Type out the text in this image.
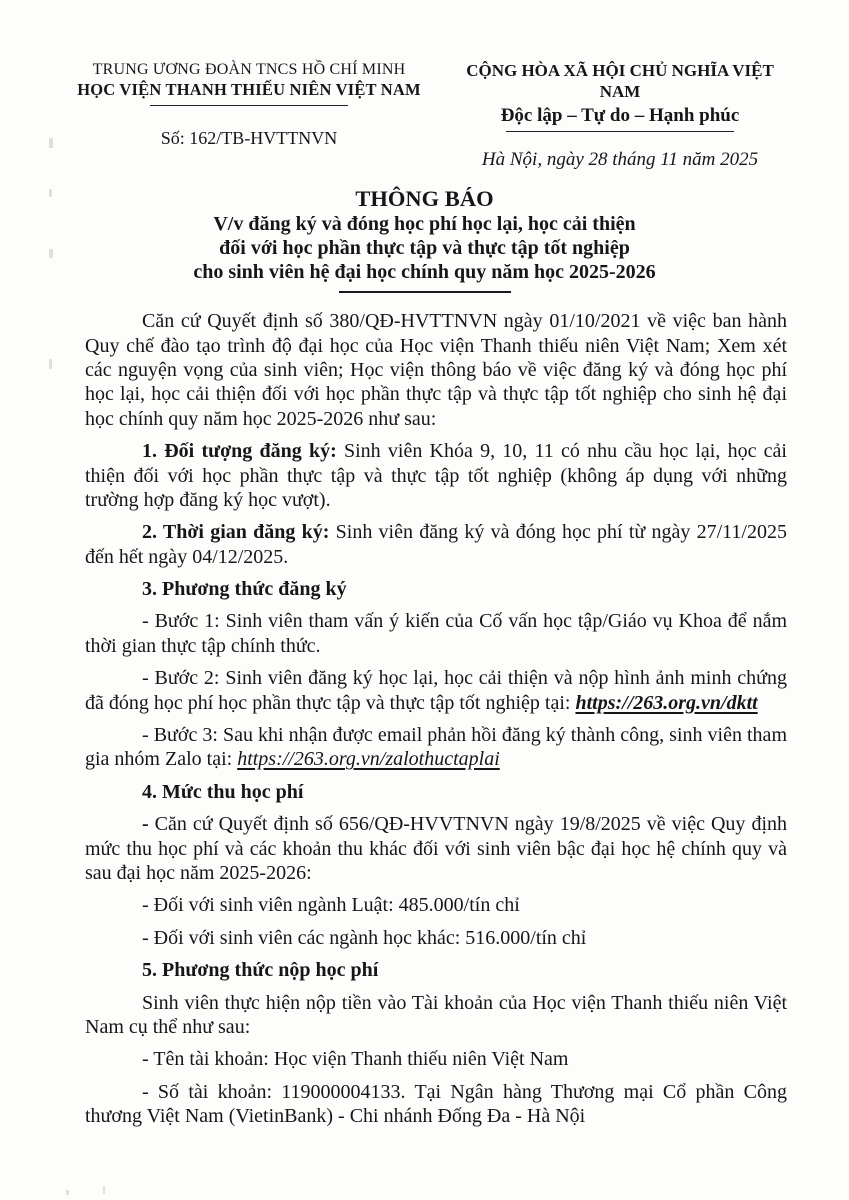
TRUNG ƯƠNG ĐOÀN TNCS HỒ CHÍ MINH
HỌC VIỆN THANH THIẾU NIÊN VIỆT NAM
Số: 162/TB-HVTTNVN
CỘNG HÒA XÃ HỘI CHỦ NGHĨA VIỆT NAM
Độc lập – Tự do – Hạnh phúc
Hà Nội, ngày 28 tháng 11 năm 2025
THÔNG BÁO
V/v đăng ký và đóng học phí học lại, học cải thiện
đối với học phần thực tập và thực tập tốt nghiệp
cho sinh viên hệ đại học chính quy năm học 2025-2026

Căn cứ Quyết định số 380/QĐ-HVTTNVN ngày 01/10/2021 về việc ban hành Quy chế đào tạo trình độ đại học của Học viện Thanh thiếu niên Việt Nam; Xem xét các nguyện vọng của sinh viên; Học viện thông báo về việc đăng ký và đóng học phí học lại, học cải thiện đối với học phần thực tập và thực tập tốt nghiệp cho sinh hệ đại học chính quy năm học 2025-2026 như sau:

1. Đối tượng đăng ký: Sinh viên Khóa 9, 10, 11 có nhu cầu học lại, học cải thiện đối với học phần thực tập và thực tập tốt nghiệp (không áp dụng với những trường hợp đăng ký học vượt).

2. Thời gian đăng ký: Sinh viên đăng ký và đóng học phí từ ngày 27/11/2025 đến hết ngày 04/12/2025.

3. Phương thức đăng ký

- Bước 1: Sinh viên tham vấn ý kiến của Cố vấn học tập/Giáo vụ Khoa để nắm thời gian thực tập chính thức.

- Bước 2: Sinh viên đăng ký học lại, học cải thiện và nộp hình ảnh minh chứng đã đóng học phí học phần thực tập và thực tập tốt nghiệp tại: https://263.org.vn/dktt

- Bước 3: Sau khi nhận được email phản hồi đăng ký thành công, sinh viên tham gia nhóm Zalo tại: https://263.org.vn/zalothuctaplai

4. Mức thu học phí

- Căn cứ Quyết định số 656/QĐ-HVVTNVN ngày 19/8/2025 về việc Quy định mức thu học phí và các khoản thu khác đối với sinh viên bậc đại học hệ chính quy và sau đại học năm 2025-2026:

- Đối với sinh viên ngành Luật: 485.000/tín chỉ

- Đối với sinh viên các ngành học khác: 516.000/tín chỉ

5. Phương thức nộp học phí

Sinh viên thực hiện nộp tiền vào Tài khoản của Học viện Thanh thiếu niên Việt Nam cụ thể như sau:

- Tên tài khoản: Học viện Thanh thiếu niên Việt Nam

- Số tài khoản: 119000004133. Tại Ngân hàng Thương mại Cổ phần Công thương Việt Nam (VietinBank) - Chi nhánh Đống Đa - Hà Nội
